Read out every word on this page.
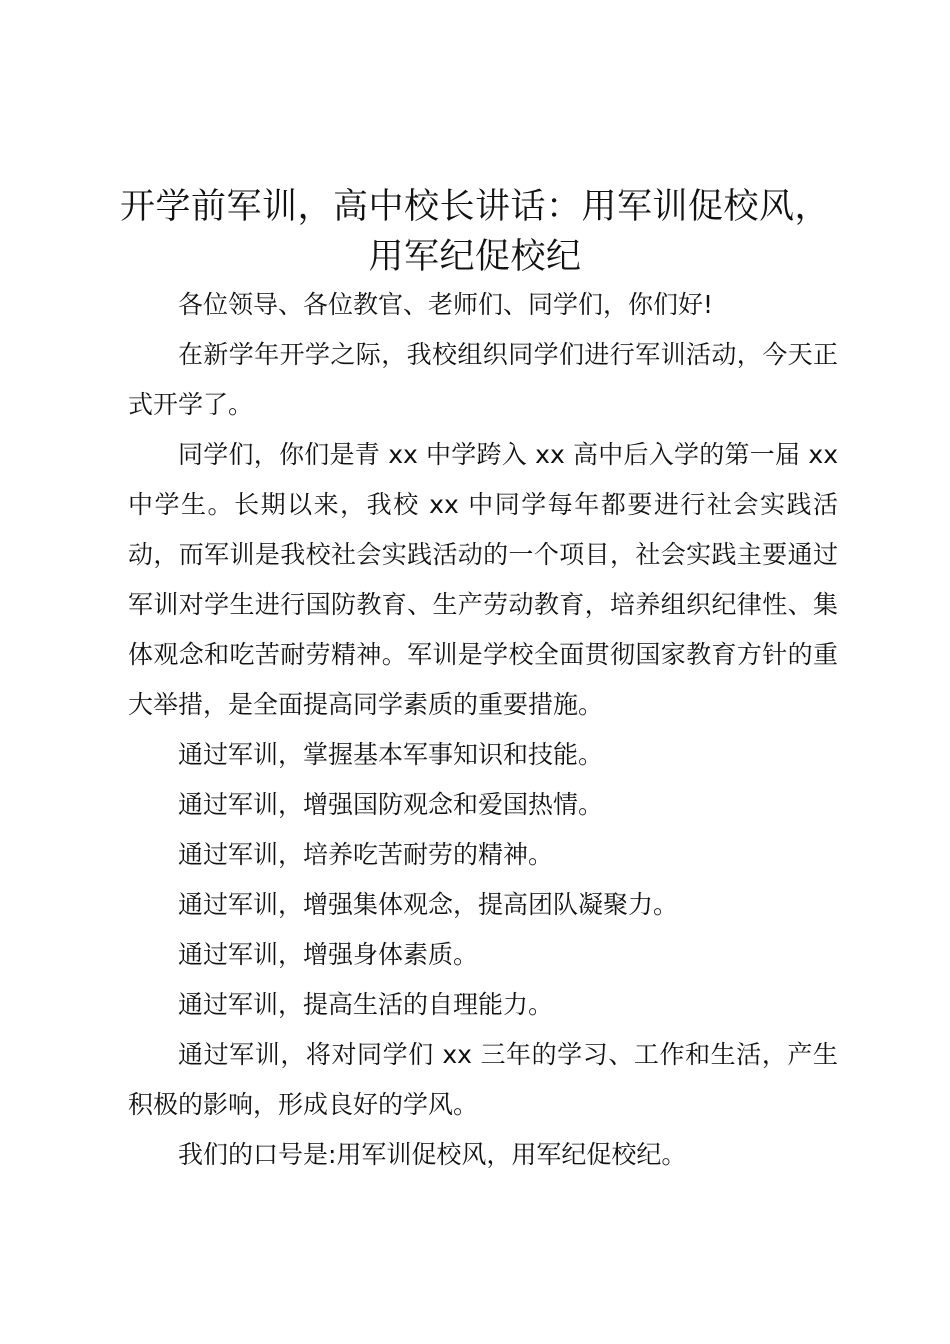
开学前军训，高中校长讲话：用军训促校风，
用军纪促校纪

各位领导、各位教官、老师们、同学们，你们好!

在新学年开学之际，我校组织同学们进行军训活动，今天正式开学了。

同学们，你们是青 xx 中学跨入 xx 高中后入学的第一届 xx 中学生。长期以来，我校 xx 中同学每年都要进行社会实践活动，而军训是我校社会实践活动的一个项目，社会实践主要通过军训对学生进行国防教育、生产劳动教育，培养组织纪律性、集体观念和吃苦耐劳精神。军训是学校全面贯彻国家教育方针的重大举措，是全面提高同学素质的重要措施。

通过军训，掌握基本军事知识和技能。

通过军训，增强国防观念和爱国热情。

通过军训，培养吃苦耐劳的精神。

通过军训，增强集体观念，提高团队凝聚力。

通过军训，增强身体素质。

通过军训，提高生活的自理能力。

通过军训，将对同学们 xx 三年的学习、工作和生活，产生积极的影响，形成良好的学风。

我们的口号是:用军训促校风，用军纪促校纪。
